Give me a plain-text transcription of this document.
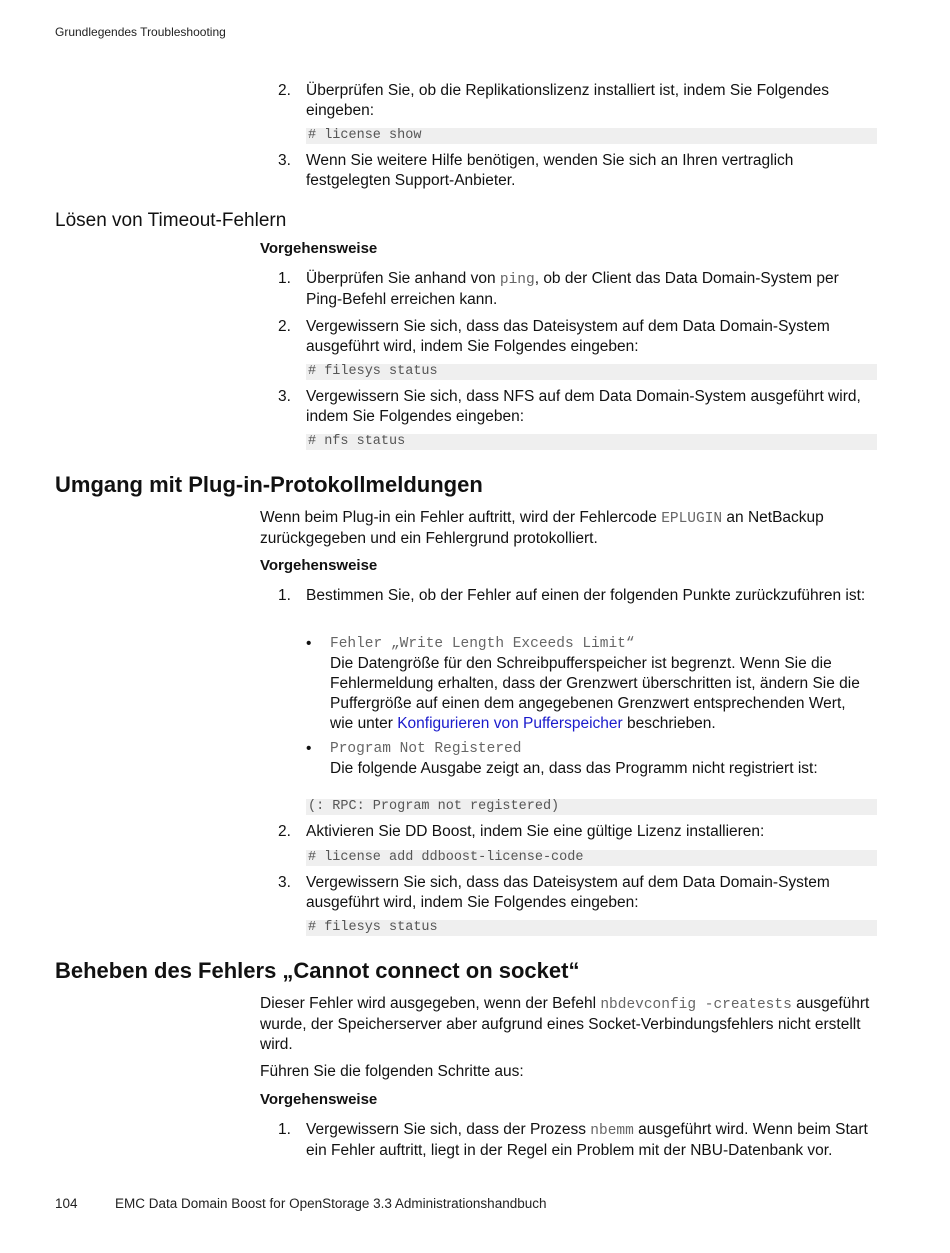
Grundlegendes Troubleshooting
2. Überprüfen Sie, ob die Replikationslizenz installiert ist, indem Sie Folgendes eingeben:
# license show
3. Wenn Sie weitere Hilfe benötigen, wenden Sie sich an Ihren vertraglich festgelegten Support-Anbieter.
Lösen von Timeout-Fehlern
Vorgehensweise
1. Überprüfen Sie anhand von ping, ob der Client das Data Domain-System per Ping-Befehl erreichen kann.
2. Vergewissern Sie sich, dass das Dateisystem auf dem Data Domain-System ausgeführt wird, indem Sie Folgendes eingeben:
# filesys status
3. Vergewissern Sie sich, dass NFS auf dem Data Domain-System ausgeführt wird, indem Sie Folgendes eingeben:
# nfs status
Umgang mit Plug-in-Protokollmeldungen
Wenn beim Plug-in ein Fehler auftritt, wird der Fehlercode EPLUGIN an NetBackup zurückgegeben und ein Fehlergrund protokolliert.
Vorgehensweise
1. Bestimmen Sie, ob der Fehler auf einen der folgenden Punkte zurückzuführen ist:
• Fehler „Write Length Exceeds Limit“
Die Datengröße für den Schreibpufferspeicher ist begrenzt. Wenn Sie die Fehlermeldung erhalten, dass der Grenzwert überschritten ist, ändern Sie die Puffergröße auf einen dem angegebenen Grenzwert entsprechenden Wert, wie unter Konfigurieren von Pufferspeicher beschrieben.
• Program Not Registered
Die folgende Ausgabe zeigt an, dass das Programm nicht registriert ist:
(: RPC: Program not registered)
2. Aktivieren Sie DD Boost, indem Sie eine gültige Lizenz installieren:
# license add ddboost-license-code
3. Vergewissern Sie sich, dass das Dateisystem auf dem Data Domain-System ausgeführt wird, indem Sie Folgendes eingeben:
# filesys status
Beheben des Fehlers „Cannot connect on socket“
Dieser Fehler wird ausgegeben, wenn der Befehl nbdevconfig -creatests ausgeführt wurde, der Speicherserver aber aufgrund eines Socket-Verbindungsfehlers nicht erstellt wird.
Führen Sie die folgenden Schritte aus:
Vorgehensweise
1. Vergewissern Sie sich, dass der Prozess nbemm ausgeführt wird. Wenn beim Start ein Fehler auftritt, liegt in der Regel ein Problem mit der NBU-Datenbank vor.
104	EMC Data Domain Boost for OpenStorage 3.3 Administrationshandbuch
